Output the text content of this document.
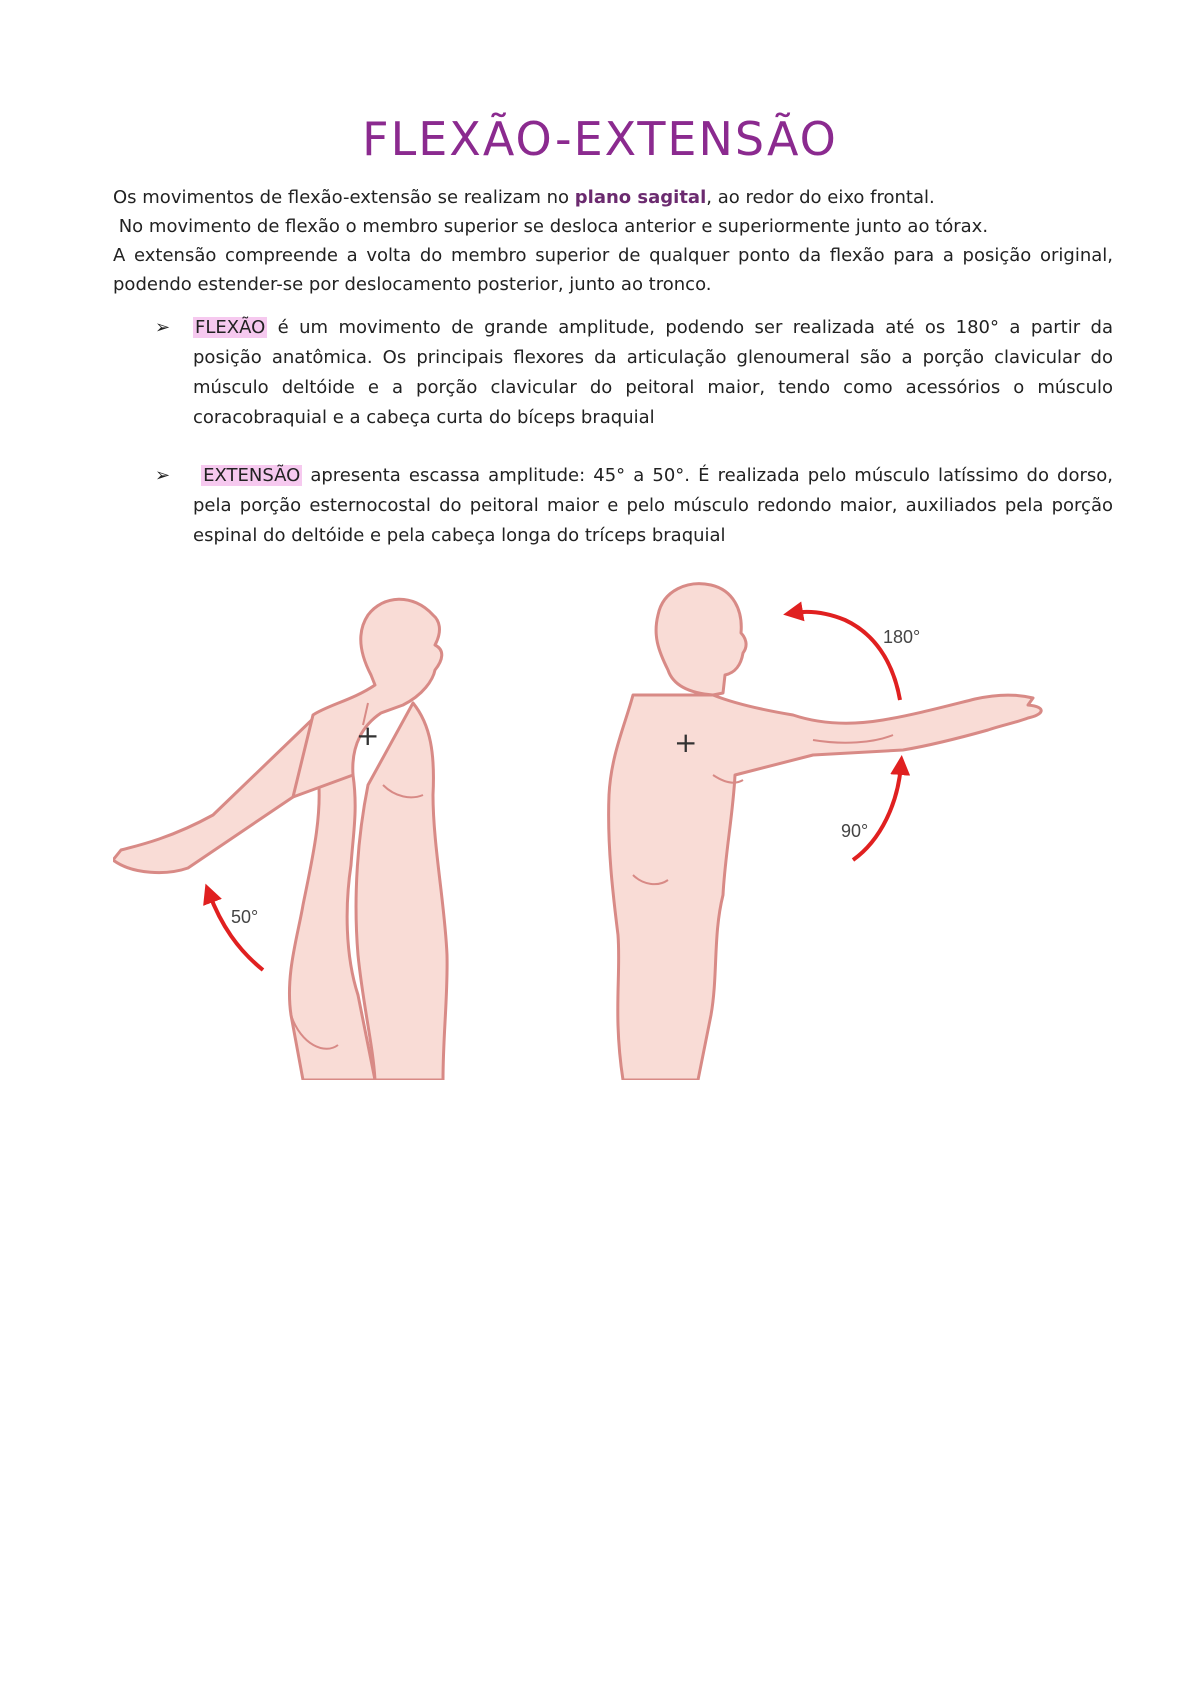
FLEXÃO-EXTENSÃO

Os movimentos de flexão-extensão se realizam no plano sagital, ao redor do eixo frontal.

No movimento de flexão o membro superior se desloca anterior e superiormente junto ao tórax.

A extensão compreende a volta do membro superior de qualquer ponto da flexão para a posição original, podendo estender-se por deslocamento posterior, junto ao tronco.

➢	FLEXÃO é um movimento de grande amplitude, podendo ser realizada até os 180° a partir da posição anatômica. Os principais flexores da articulação glenoumeral são a porção clavicular do músculo deltóide e a porção clavicular do peitoral maior, tendo como acessórios o músculo coracobraquial e a cabeça curta do bíceps braquial
➢	EXTENSÃO apresenta escassa amplitude: 45° a 50°. É realizada pelo músculo latíssimo do dorso, pela porção esternocostal do peitoral maior e pelo músculo redondo maior, auxiliados pela porção espinal do deltóide e pela cabeça longa do tríceps braquial
+
50°
+
180°
90°
